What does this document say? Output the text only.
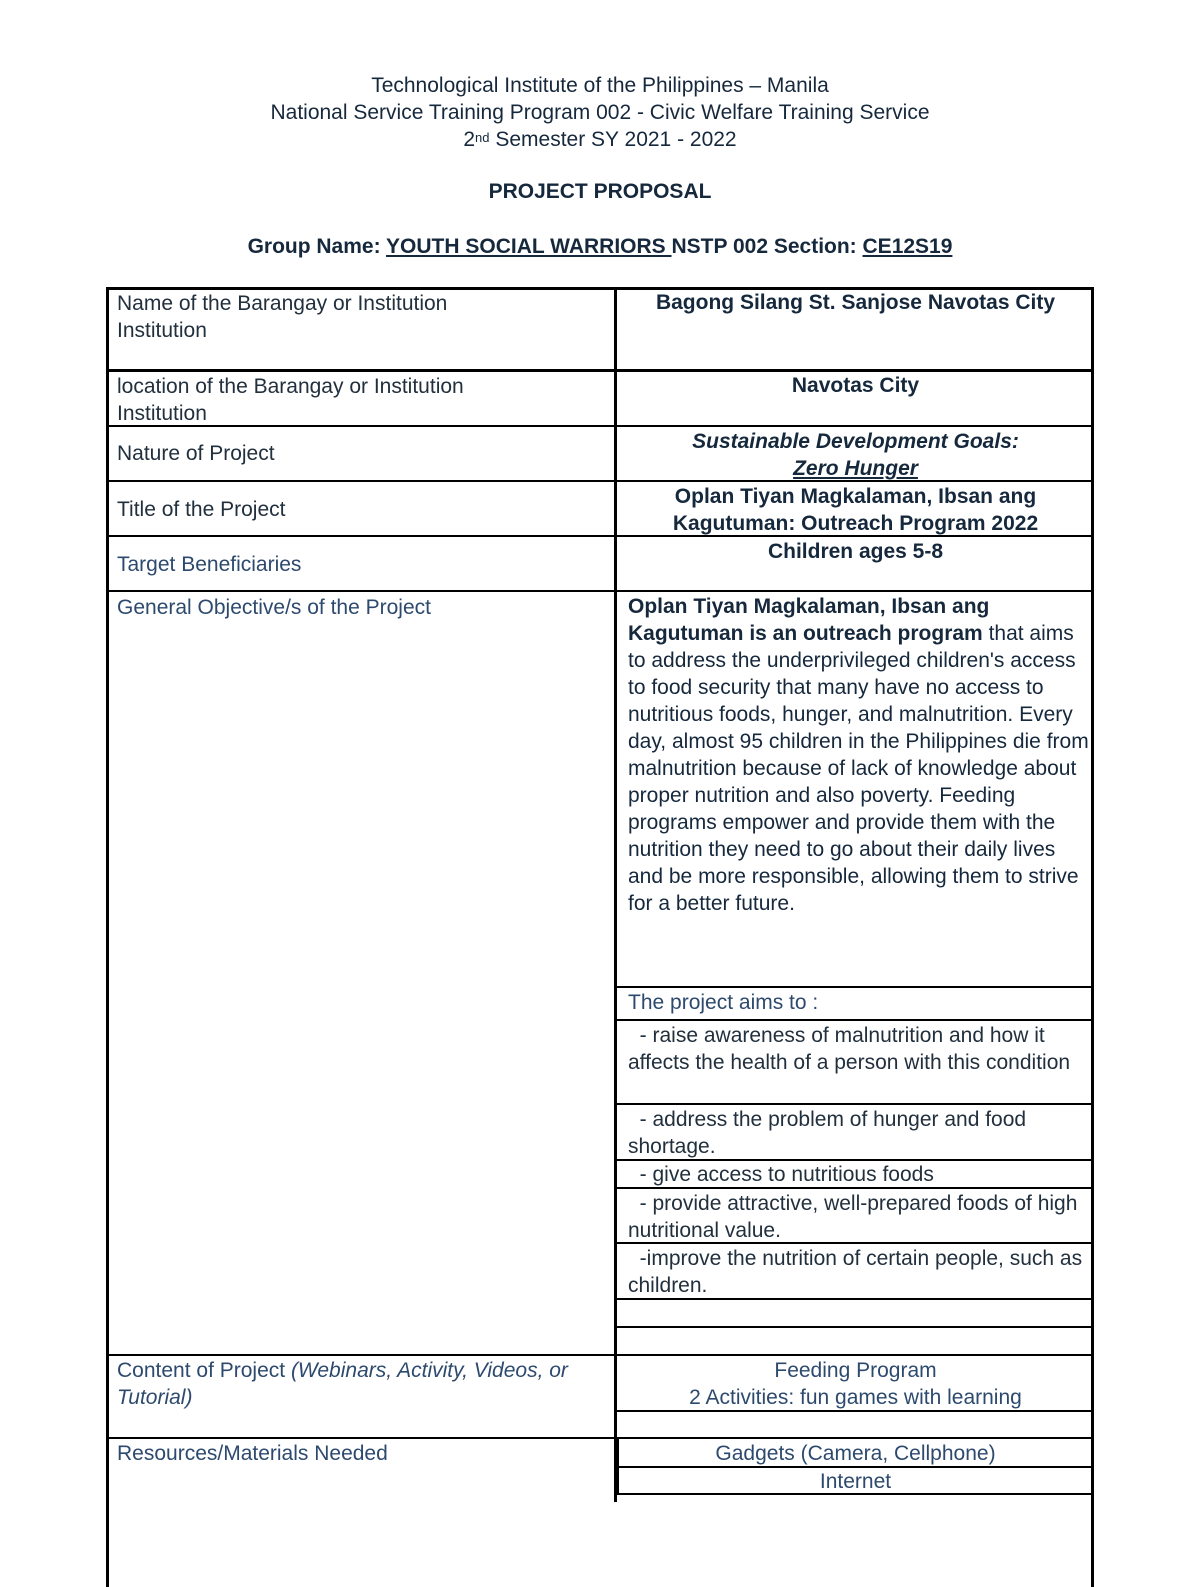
Technological Institute of the Philippines – Manila
National Service Training Program 002 - Civic Welfare Training Service
2nd Semester SY 2021 - 2022
PROJECT PROPOSAL
Group Name: YOUTH SOCIAL WARRIORS NSTP 002 Section: CE12S19
Name of the Barangay or Institution
Institution
Bagong Silang St. Sanjose Navotas City
location of the Barangay or Institution
Institution
Navotas City
Nature of Project
Sustainable Development Goals:
Zero Hunger
Title of the Project
Oplan Tiyan Magkalaman, Ibsan ang
Kagutuman: Outreach Program 2022
Target Beneficiaries
Children ages 5-8
General Objective/s of the Project	Oplan Tiyan Magkalaman, Ibsan ang Kagutuman is an outreach program that aims to address the underprivileged children's access to food security that many have no access to nutritious foods, hunger, and malnutrition. Every day, almost 95 children in the Philippines die from malnutrition because of lack of knowledge about proper nutrition and also poverty. Feeding programs empower and provide them with the nutrition they need to go about their daily lives and be more responsible, allowing them to strive for a better future.
The project aims to :
- raise awareness of malnutrition and how it affects the health of a person with this condition
- address the problem of hunger and food shortage.
- give access to nutritious foods
- provide attractive, well-prepared foods of high nutritional value.
-improve the nutrition of certain people, such as children.
Content of Project (Webinars, Activity, Videos, or Tutorial)
Feeding Program
2 Activities: fun games with learning
Resources/Materials Needed	Gadgets (Camera, Cellphone)
Internet
